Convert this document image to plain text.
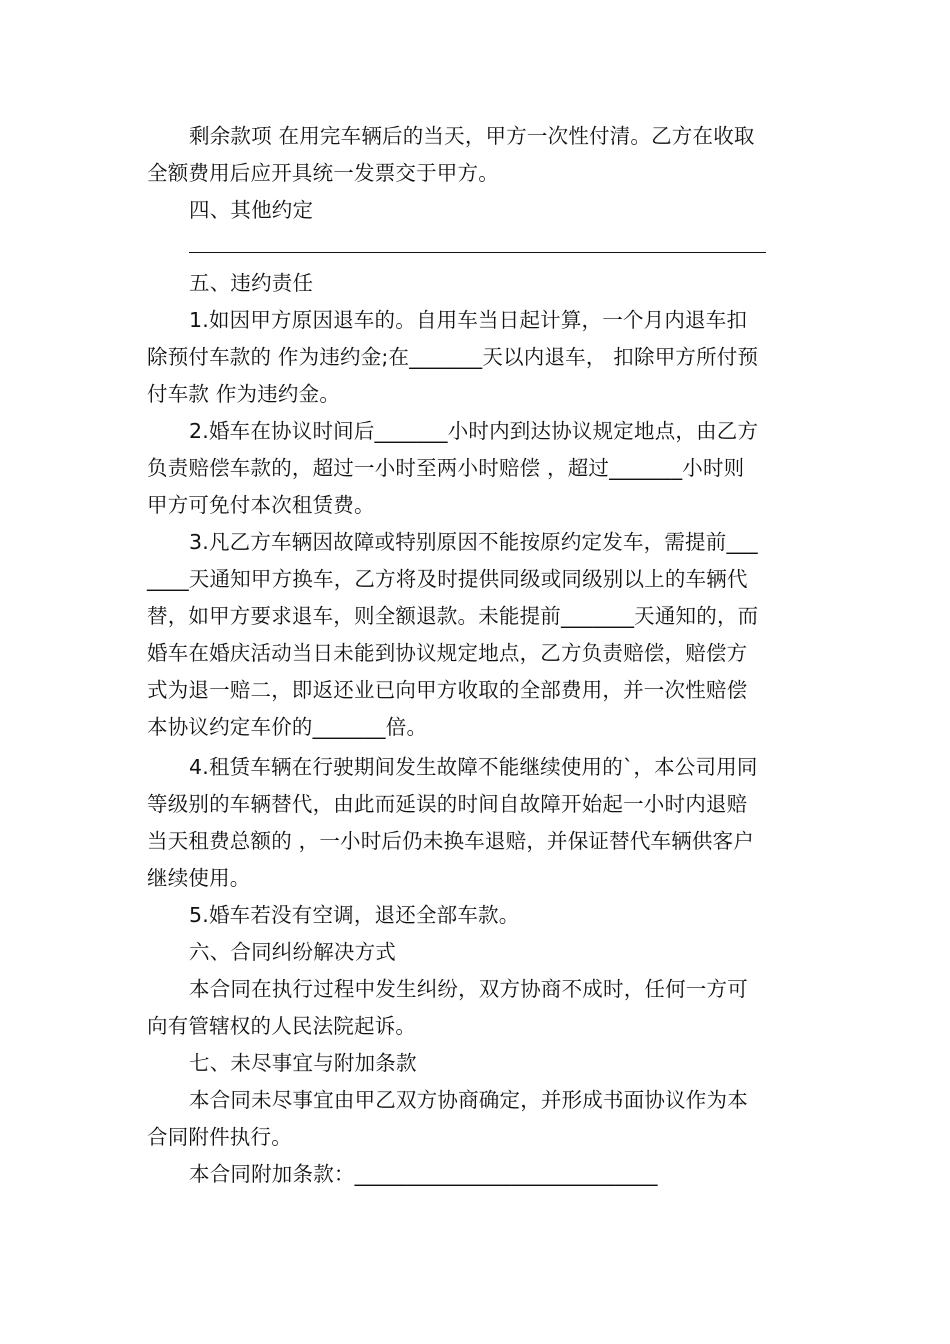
剩余款项 在用完车辆后的当天，甲方一次性付清。乙方在收取
全额费用后应开具统一发票交于甲方。
四、其他约定
五、违约责任
1.如因甲方原因退车的。自用车当日起计算，一个月内退车扣
除预付车款的 作为违约金;在_______天以内退车， 扣除甲方所付预
付车款 作为违约金。
2.婚车在协议时间后_______小时内到达协议规定地点，由乙方
负责赔偿车款的，超过一小时至两小时赔偿 ，超过_______小时则
甲方可免付本次租赁费。
3.凡乙方车辆因故障或特别原因不能按原约定发车，需提前___
____天通知甲方换车，乙方将及时提供同级或同级别以上的车辆代
替，如甲方要求退车，则全额退款。未能提前_______天通知的，而
婚车在婚庆活动当日未能到协议规定地点，乙方负责赔偿，赔偿方
式为退一赔二，即返还业已向甲方收取的全部费用，并一次性赔偿
本协议约定车价的_______倍。
4.租赁车辆在行驶期间发生故障不能继续使用的`，本公司用同
等级别的车辆替代，由此而延误的时间自故障开始起一小时内退赔
当天租费总额的 ，一小时后仍未换车退赔，并保证替代车辆供客户
继续使用。
5.婚车若没有空调，退还全部车款。
六、合同纠纷解决方式
本合同在执行过程中发生纠纷，双方协商不成时，任何一方可
向有管辖权的人民法院起诉。
七、未尽事宜与附加条款
本合同未尽事宜由甲乙双方协商确定，并形成书面协议作为本
合同附件执行。
本合同附加条款：_____________________________
